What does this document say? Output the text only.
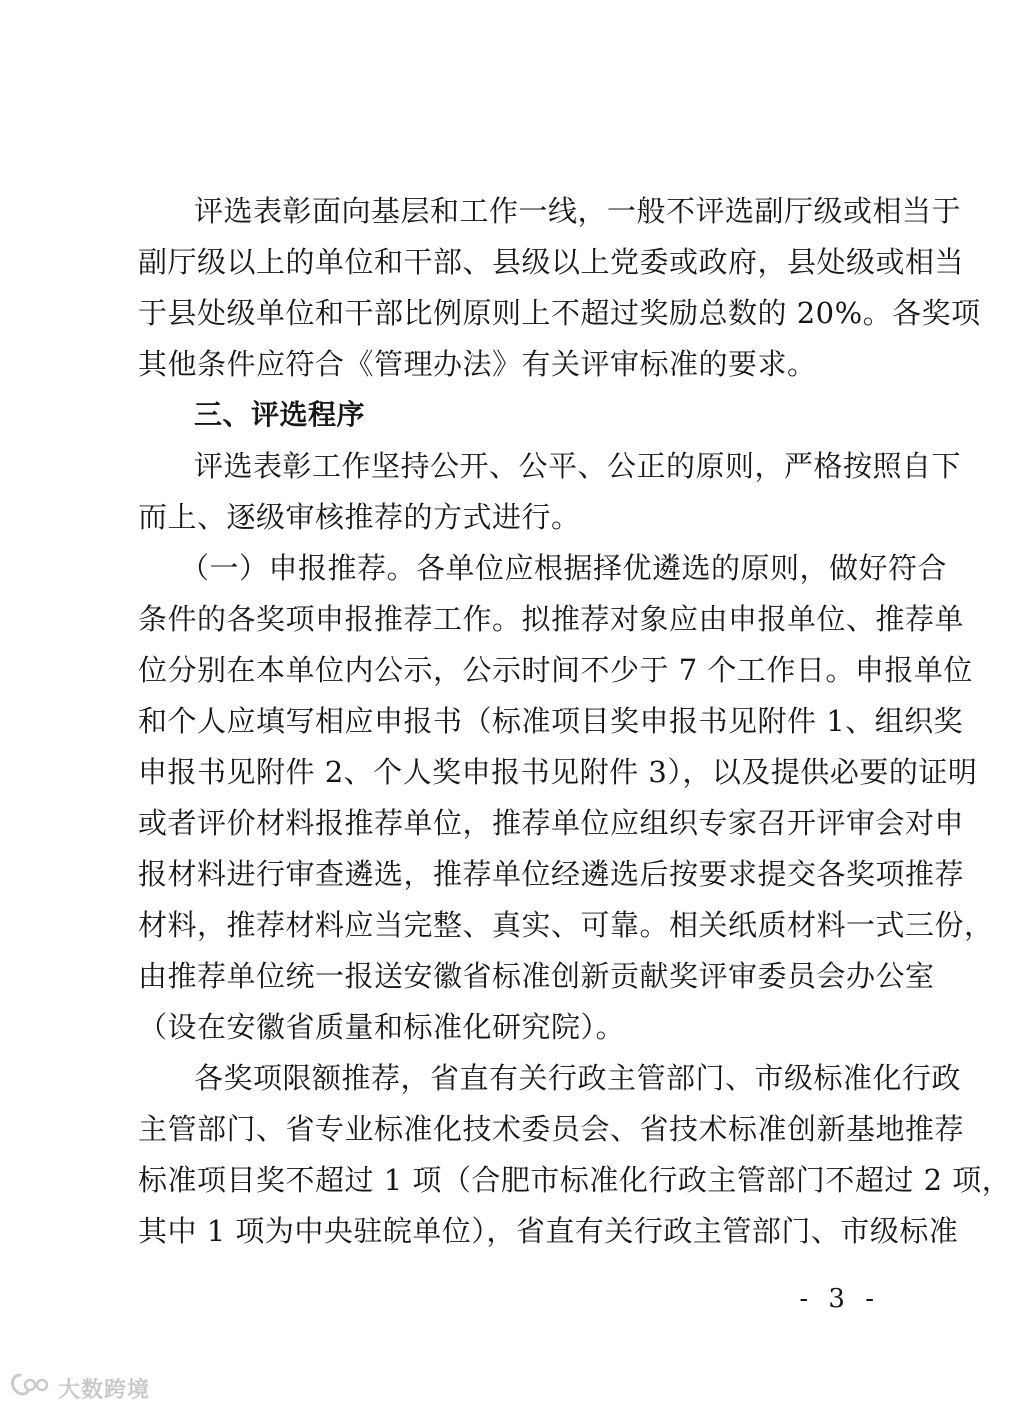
评选表彰面向基层和工作一线，一般不评选副厅级或相当于
副厅级以上的单位和干部、县级以上党委或政府，县处级或相当
于县处级单位和干部比例原则上不超过奖励总数的 20%。各奖项
其他条件应符合《管理办法》有关评审标准的要求。
三、评选程序
评选表彰工作坚持公开、公平、公正的原则，严格按照自下
而上、逐级审核推荐的方式进行。
（一）申报推荐。各单位应根据择优遴选的原则，做好符合
条件的各奖项申报推荐工作。拟推荐对象应由申报单位、推荐单
位分别在本单位内公示，公示时间不少于 7 个工作日。申报单位
和个人应填写相应申报书（标准项目奖申报书见附件 1、组织奖
申报书见附件 2、个人奖申报书见附件 3），以及提供必要的证明
或者评价材料报推荐单位，推荐单位应组织专家召开评审会对申
报材料进行审查遴选，推荐单位经遴选后按要求提交各奖项推荐
材料，推荐材料应当完整、真实、可靠。相关纸质材料一式三份，
由推荐单位统一报送安徽省标准创新贡献奖评审委员会办公室
（设在安徽省质量和标准化研究院）。
各奖项限额推荐，省直有关行政主管部门、市级标准化行政
主管部门、省专业标准化技术委员会、省技术标准创新基地推荐
标准项目奖不超过 1 项（合肥市标准化行政主管部门不超过 2 项，
其中 1 项为中央驻皖单位），省直有关行政主管部门、市级标准
- 3 -
大数跨境
